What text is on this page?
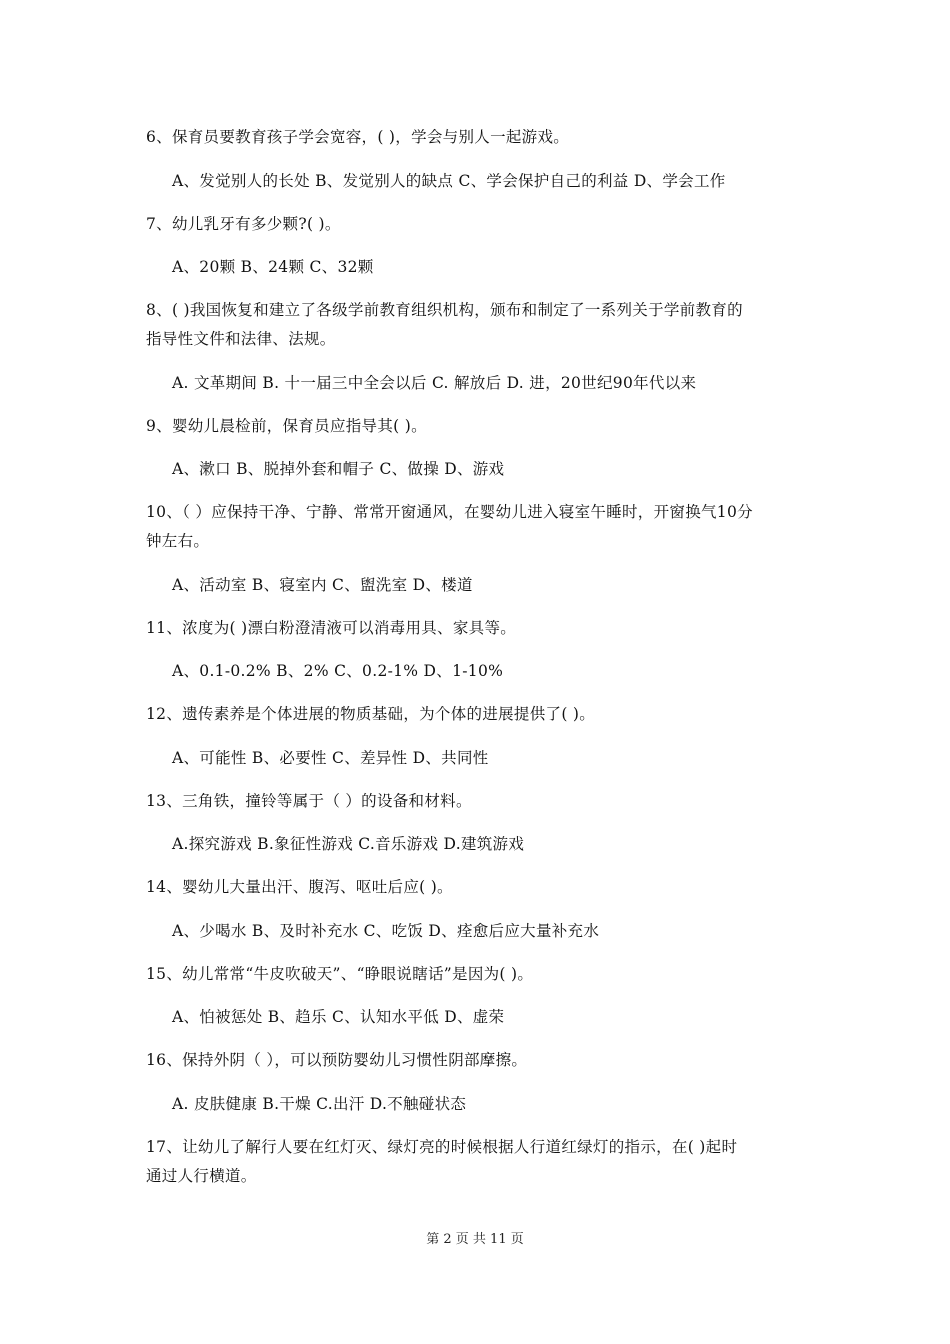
6、保育员要教育孩子学会宽容，( )，学会与别人一起游戏。
A、发觉别人的长处 B、发觉别人的缺点 C、学会保护自己的利益 D、学会工作
7、幼儿乳牙有多少颗?( )。
A、20颗 B、24颗 C、32颗
8、( )我国恢复和建立了各级学前教育组织机构，颁布和制定了一系列关于学前教育的
指导性文件和法律、法规。
A. 文革期间 B. 十一届三中全会以后 C. 解放后 D. 进，20世纪90年代以来
9、婴幼儿晨检前，保育员应指导其( )。
A、漱口 B、脱掉外套和帽子 C、做操 D、游戏
10、（ ）应保持干净、宁静、常常开窗通风，在婴幼儿进入寝室午睡时，开窗换气10分
钟左右。
A、活动室 B、寝室内 C、盥洗室 D、楼道
11、浓度为( )漂白粉澄清液可以消毒用具、家具等。
A、0.1-0.2% B、2% C、0.2-1% D、1-10%
12、遗传素养是个体进展的物质基础，为个体的进展提供了( )。
A、可能性 B、必要性 C、差异性 D、共同性
13、三角铁，撞铃等属于（ ）的设备和材料。
A.探究游戏 B.象征性游戏 C.音乐游戏 D.建筑游戏
14、婴幼儿大量出汗、腹泻、呕吐后应( )。
A、少喝水 B、及时补充水 C、吃饭 D、痊愈后应大量补充水
15、幼儿常常“牛皮吹破天”、“睁眼说瞎话”是因为( )。
A、怕被惩处 B、趋乐 C、认知水平低 D、虚荣
16、保持外阴（ ），可以预防婴幼儿习惯性阴部摩擦。
A. 皮肤健康 B.干燥 C.出汗 D.不触碰状态
17、让幼儿了解行人要在红灯灭、绿灯亮的时候根据人行道红绿灯的指示，在( )起时
通过人行横道。
第 2 页 共 11 页
